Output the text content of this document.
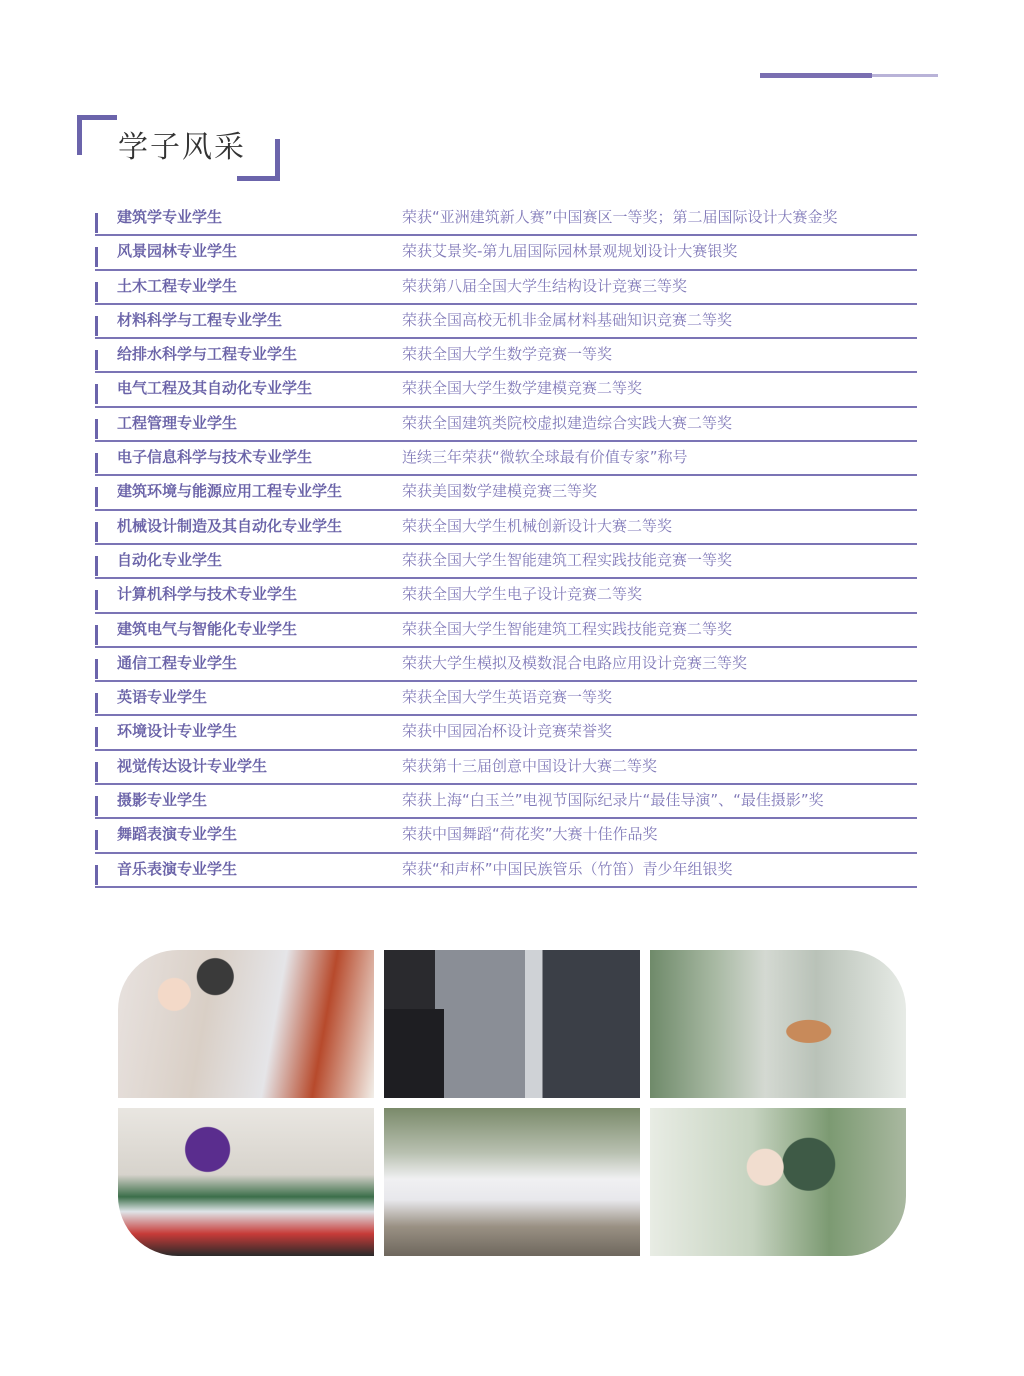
学子风采
建筑学专业学生	荣获“亚洲建筑新人赛”中国赛区一等奖；第二届国际设计大赛金奖
风景园林专业学生	荣获艾景奖-第九届国际园林景观规划设计大赛银奖
土木工程专业学生	荣获第八届全国大学生结构设计竞赛三等奖
材料科学与工程专业学生	荣获全国高校无机非金属材料基础知识竞赛二等奖
给排水科学与工程专业学生	荣获全国大学生数学竞赛一等奖
电气工程及其自动化专业学生	荣获全国大学生数学建模竞赛二等奖
工程管理专业学生	荣获全国建筑类院校虚拟建造综合实践大赛二等奖
电子信息科学与技术专业学生	连续三年荣获“微软全球最有价值专家”称号
建筑环境与能源应用工程专业学生	荣获美国数学建模竞赛三等奖
机械设计制造及其自动化专业学生	荣获全国大学生机械创新设计大赛二等奖
自动化专业学生	荣获全国大学生智能建筑工程实践技能竞赛一等奖
计算机科学与技术专业学生	荣获全国大学生电子设计竞赛二等奖
建筑电气与智能化专业学生	荣获全国大学生智能建筑工程实践技能竞赛二等奖
通信工程专业学生	荣获大学生模拟及模数混合电路应用设计竞赛三等奖
英语专业学生	荣获全国大学生英语竞赛一等奖
环境设计专业学生	荣获中国园冶杯设计竞赛荣誉奖
视觉传达设计专业学生	荣获第十三届创意中国设计大赛二等奖
摄影专业学生	荣获上海“白玉兰”电视节国际纪录片“最佳导演”、“最佳摄影”奖
舞蹈表演专业学生	荣获中国舞蹈“荷花奖”大赛十佳作品奖
音乐表演专业学生	荣获“和声杯”中国民族管乐（竹笛）青少年组银奖
